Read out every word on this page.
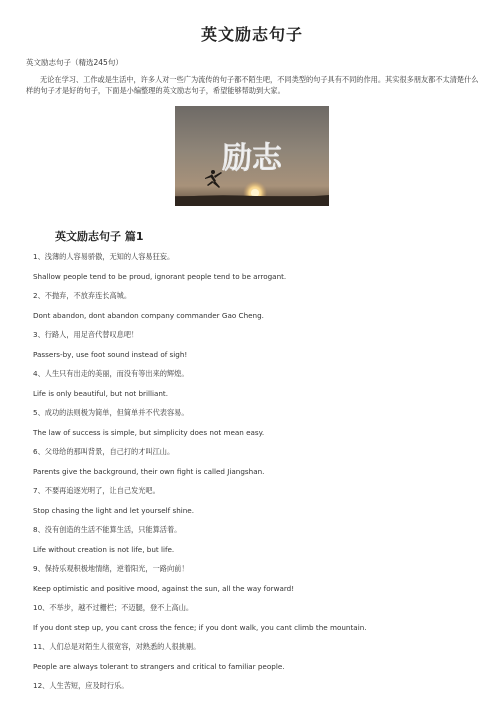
英文励志句子
英文励志句子（精选245句）
无论在学习、工作或是生活中，许多人对一些广为流传的句子都不陌生吧，不同类型的句子具有不同的作用。其实很多朋友都不太清楚什么样的句子才是好的句子，下面是小编整理的英文励志句子，希望能够帮助到大家。
励志
英文励志句子 篇1
1、浅薄的人容易骄傲，无知的人容易狂妄。
Shallow people tend to be proud, ignorant people tend to be arrogant.
2、不抛弃，不放弃连长高城。
Dont abandon, dont abandon company commander Gao Cheng.
3、行路人，用足音代替叹息吧！
Passers-by, use foot sound instead of sigh!
4、人生只有出走的美丽，而没有等出来的辉煌。
Life is only beautiful, but not brilliant.
5、成功的法则极为简单，但简单并不代表容易。
The law of success is simple, but simplicity does not mean easy.
6、父母给的那叫背景，自己打的才叫江山。
Parents give the background, their own fight is called Jiangshan.
7、不要再追逐光明了，让自己发光吧。
Stop chasing the light and let yourself shine.
8、没有创造的生活不能算生活，只能算活着。
Life without creation is not life, but life.
9、保持乐观积极地情绪，逆着阳光，一路向前！
Keep optimistic and positive mood, against the sun, all the way forward!
10、不举步，越不过栅栏；不迈腿，登不上高山。
If you dont step up, you cant cross the fence; if you dont walk, you cant climb the mountain.
11、人们总是对陌生人很宽容，对熟悉的人很挑剔。
People are always tolerant to strangers and critical to familiar people.
12、人生苦短，应及时行乐。
